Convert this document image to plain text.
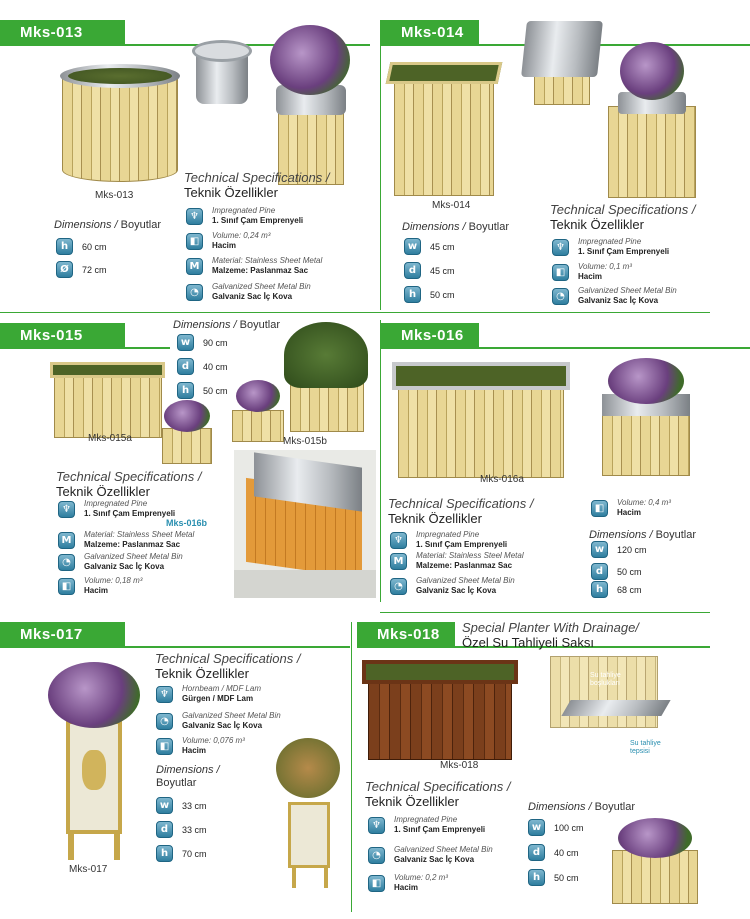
Mks-013
Mks-013
Technical Specifications /
Teknik Özellikler
Dimensions / Boyutlar
h	60 cm
Ø	72 cm
♆	Impregnated Pine
1. Sınıf Çam Emprenyeli
◧	Volume: 0,24 m³
Hacim
M	Material: Stainless Sheet Metal
Malzeme: Paslanmaz Sac
◔	Galvanized Sheet Metal Bin
Galvaniz Sac İç Kova
Mks-014
Mks-014	Technical Specifications /
Teknik Özellikler
Dimensions / Boyutlar
w	45 cm
d	45 cm
h	50 cm
♆	Impregnated Pine
1. Sınıf Çam Emprenyeli
◧	Volume: 0,1 m³
Hacim
◔	Galvanized Sheet Metal Bin
Galvaniz Sac İç Kova
Mks-015
Dimensions / Boyutlar
Mks-015a	Mks-015b
Technical Specifications /
Teknik Özellikler
Mks-016b
w	90 cm
d	40 cm
h	50 cm
♆	Impregnated Pine
1. Sınıf Çam Emprenyeli
M	Material: Stainless Sheet Metal
Malzeme: Paslanmaz Sac
◔	Galvanized Sheet Metal Bin
Galvaniz Sac İç Kova
◧	Volume: 0,18 m³
Hacim
Mks-016
Mks-016a
Technical Specifications /
Teknik Özellikler
◧	Volume: 0,4 m³
Hacim
Dimensions / Boyutlar
w	120 cm
d	50 cm
h	68 cm
♆	Impregnated Pine
1. Sınıf Çam Emprenyeli
M	Material: Stainless Steel Metal
Malzeme: Paslanmaz Sac
◔	Galvanized Sheet Metal Bin
Galvaniz Sac İç Kova
Mks-017
Mks-017
Technical Specifications /
Teknik Özellikler
Dimensions /
Boyutlar
w	33 cm
d	33 cm
h	70 cm
♆	Hornbeam / MDF Lam
Gürgen / MDF Lam
◔	Galvanized Sheet Metal Bin
Galvaniz Sac İç Kova
◧	Volume: 0,076 m³
Hacim
Mks-018	Special Planter With Drainage/
Özel Su Tahliyeli Saksı
Su tahliye boşlukları
Su tahliye tepsisi
Mks-018
Technical Specifications /
Teknik Özellikler	Dimensions / Boyutlar
w	100 cm
d	40 cm
h	50 cm
♆	Impregnated Pine
1. Sınıf Çam Emprenyeli
◔	Galvanized Sheet Metal Bin
Galvaniz Sac İç Kova
◧	Volume: 0,2 m³
Hacim
